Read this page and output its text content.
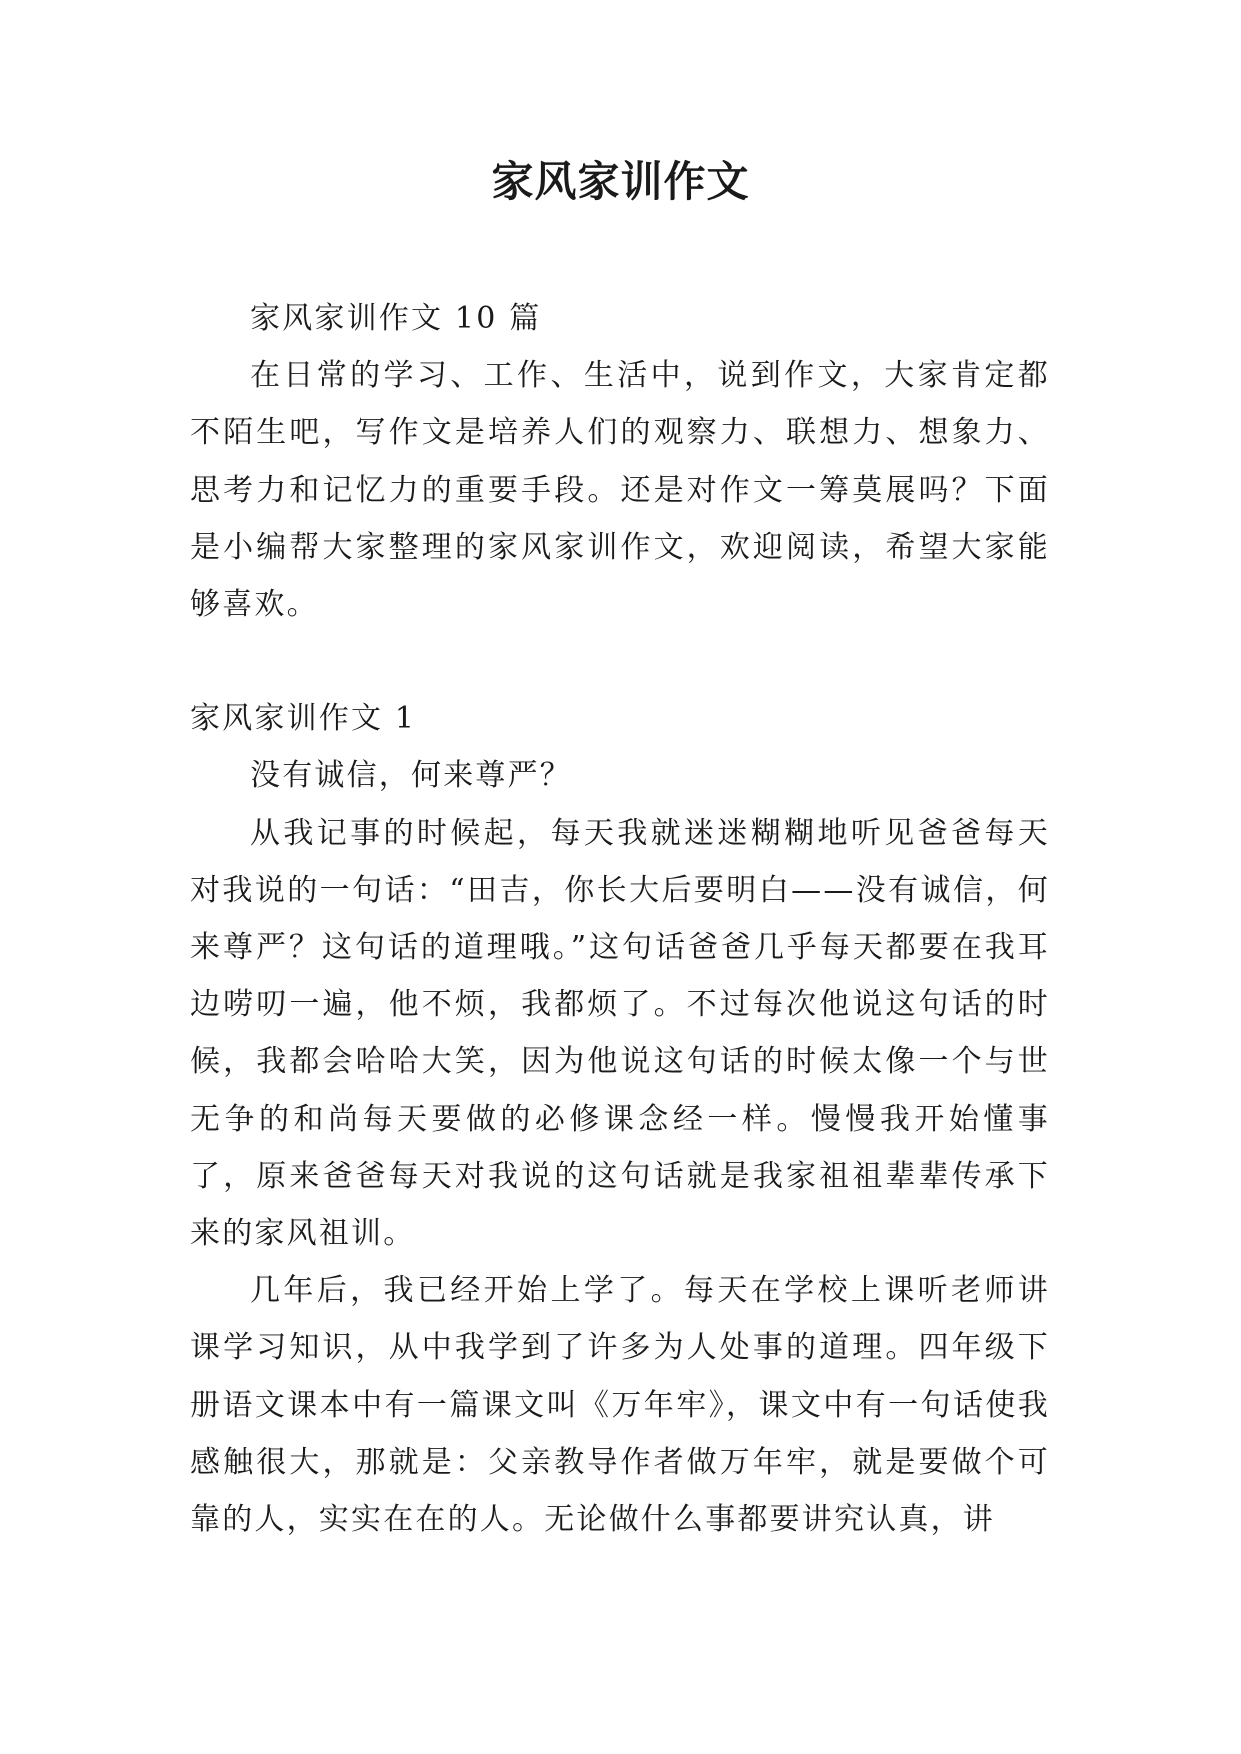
家风家训作文

家风家训作文 10 篇

在日常的学习、工作、生活中，说到作文，大家肯定都不陌生吧，写作文是培养人们的观察力、联想力、想象力、思考力和记忆力的重要手段。还是对作文一筹莫展吗？下面是小编帮大家整理的家风家训作文，欢迎阅读，希望大家能够喜欢。

家风家训作文 1

没有诚信，何来尊严？

从我记事的时候起，每天我就迷迷糊糊地听见爸爸每天对我说的一句话：“田吉，你长大后要明白——没有诚信，何来尊严？这句话的道理哦。”这句话爸爸几乎每天都要在我耳边唠叨一遍，他不烦，我都烦了。不过每次他说这句话的时候，我都会哈哈大笑，因为他说这句话的时候太像一个与世无争的和尚每天要做的必修课念经一样。慢慢我开始懂事了，原来爸爸每天对我说的这句话就是我家祖祖辈辈传承下来的家风祖训。

几年后，我已经开始上学了。每天在学校上课听老师讲课学习知识，从中我学到了许多为人处事的道理。四年级下册语文课本中有一篇课文叫《万年牢》，课文中有一句话使我感触很大，那就是：父亲教导作者做万年牢，就是要做个可靠的人，实实在在的人。无论做什么事都要讲究认真，讲
